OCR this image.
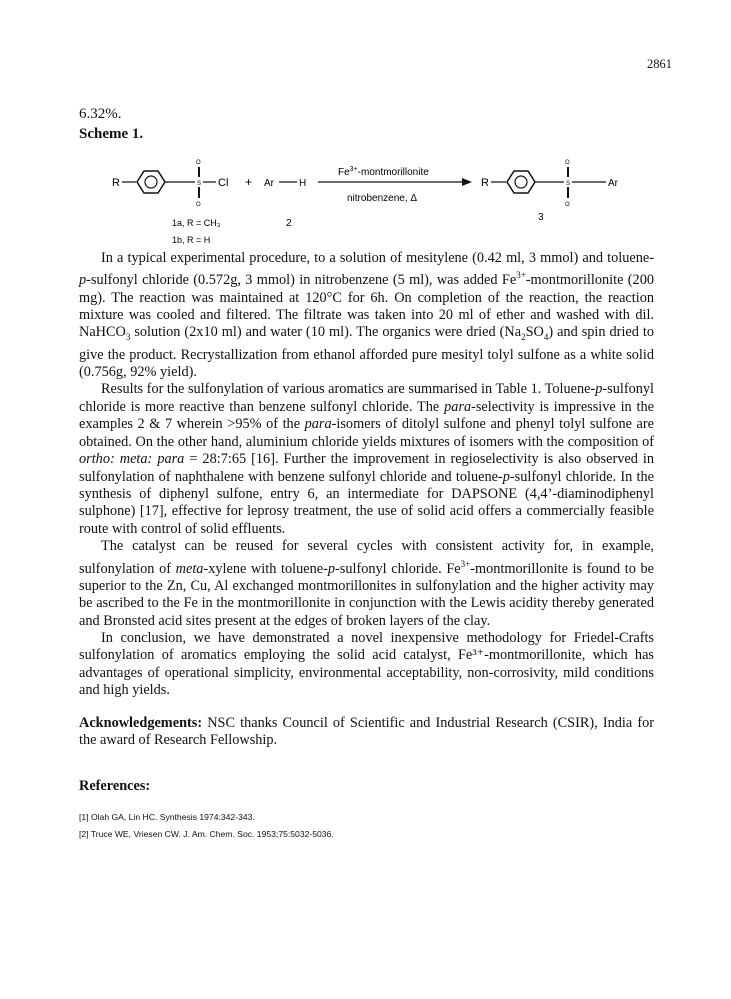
2861
6.32%.
Scheme 1.
R	S
O
O
Cl + Ar	H
$Fe^{3+}$-montmorillonite
nitrobenzene, Δ
R	S
O
O
Ar
1a, R = CH₃
1b, R = H
2
3

In a typical experimental procedure, to a solution of mesitylene (0.42 ml, 3 mmol) and toluene-p-sulfonyl chloride (0.572g, 3 mmol) in nitrobenzene (5 ml), was added $Fe^{3+}$-montmorillonite (200 mg). The reaction was maintained at 120°C for 6h. On completion of the reaction, the reaction mixture was cooled and filtered. The filtrate was taken into 20 ml of ether and washed with dil. NaHCO$_3$ solution (2x10 ml) and water (10 ml). The organics were dried $(Na_2SO_4)$ and spin dried to give the product. Recrystallization from ethanol afforded pure mesityl tolyl sulfone as a white solid (0.756g, 92% yield).

Results for the sulfonylation of various aromatics are summarised in Table 1. Toluene-p-sulfonyl chloride is more reactive than benzene sulfonyl chloride. The para-selectivity is impressive in the examples 2 & 7 wherein >95% of the para-isomers of ditolyl sulfone and phenyl tolyl sulfone are obtained. On the other hand, aluminium chloride yields mixtures of isomers with the composition of ortho: meta: para = 28:7:65 [16]. Further the improvement in regioselectivity is also observed in sulfonylation of naphthalene with benzene sulfonyl chloride and toluene-p-sulfonyl chloride. In the synthesis of diphenyl sulfone, entry 6, an intermediate for DAPSONE (4,4’-diaminodiphenyl sulphone) [17], effective for leprosy treatment, the use of solid acid offers a commercially feasible route with control of solid effluents.

The catalyst can be reused for several cycles with consistent activity for, in example, sulfonylation of meta-xylene with toluene-p-sulfonyl chloride. $Fe^{3+}$-montmorillonite is found to be superior to the Zn, Cu, Al exchanged montmorillonites in sulfonylation and the higher activity may be ascribed to the Fe in the montmorillonite in conjunction with the Lewis acidity thereby generated and Bronsted acid sites present at the edges of broken layers of the clay.

In conclusion, we have demonstrated a novel inexpensive methodology for Friedel-Crafts sulfonylation of aromatics employing the solid acid catalyst, Fe³⁺-montmorillonite, which has advantages of operational simplicity, environmental acceptability, non-corrosivity, mild conditions and high yields.

Acknowledgements: NSC thanks Council of Scientific and Industrial Research (CSIR), India for the award of Research Fellowship.
References:
[1] Olah GA, Lin HC. Synthesis 1974:342-343.
[2] Truce WE, Vriesen CW. J. Am. Chem. Soc. 1953;75:5032-5036.
